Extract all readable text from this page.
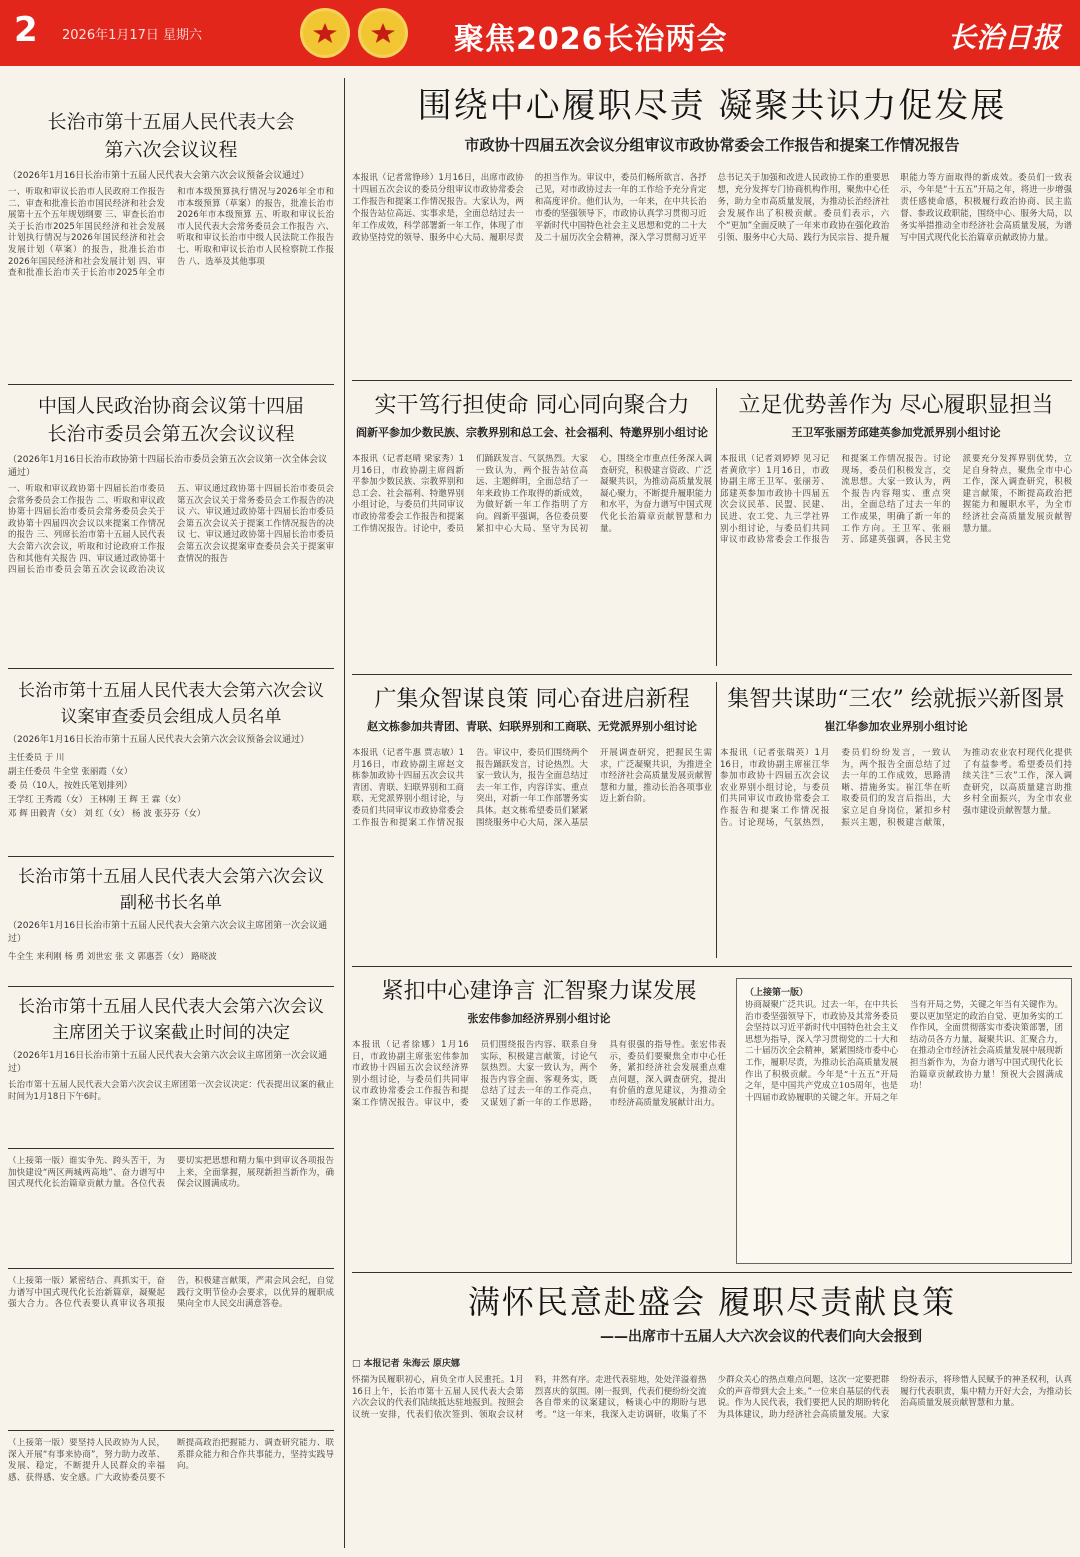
2 2026年1月17日 星期六	聚焦2026长治两会	长治日报
长治市第十五届人民代表大会
第六次会议议程
（2026年1月16日长治市第十五届人民代表大会第六次会议预备会议通过）
一、听取和审议长治市人民政府工作报告 二、审查和批准长治市国民经济和社会发展第十五个五年规划纲要 三、审查长治市关于长治市2025年国民经济和社会发展计划执行情况与2026年国民经济和社会发展计划（草案）的报告，批准长治市2026年国民经济和社会发展计划 四、审查和批准长治市关于长治市2025年全市和市本级预算执行情况与2026年全市和市本级预算（草案）的报告，批准长治市2026年市本级预算 五、听取和审议长治市人民代表大会常务委员会工作报告 六、听取和审议长治市中级人民法院工作报告 七、听取和审议长治市人民检察院工作报告 八、选举及其他事项
中国人民政治协商会议第十四届
长治市委员会第五次会议议程
（2026年1月16日长治市政协第十四届长治市委员会第五次会议第一次全体会议通过）
一、听取和审议政协第十四届长治市委员会常务委员会工作报告 二、听取和审议政协第十四届长治市委员会常务委员会关于政协第十四届四次会议以来提案工作情况的报告 三、列席长治市第十五届人民代表大会第六次会议，听取和讨论政府工作报告和其他有关报告 四、审议通过政协第十四届长治市委员会第五次会议政治决议 五、审议通过政协第十四届长治市委员会第五次会议关于常务委员会工作报告的决议 六、审议通过政协第十四届长治市委员会第五次会议关于提案工作情况报告的决议 七、审议通过政协第十四届长治市委员会第五次会议提案审查委员会关于提案审查情况的报告
长治市第十五届人民代表大会第六次会议
议案审查委员会组成人员名单
（2026年1月16日长治市第十五届人民代表大会第六次会议预备会议通过）
主任委员 于 川
副主任委员 牛全堂 张丽霞（女）
委 员（10人，按姓氏笔划排列）
王学红 王秀霞（女） 王林刚 王 辉 王 霖（女）
邓 辉 田毅青（女） 刘 红（女） 杨 波 张芬芬（女）
长治市第十五届人民代表大会第六次会议
副秘书长名单
（2026年1月16日长治市第十五届人民代表大会第六次会议主席团第一次会议通过）
牛全生 来利刚 杨 勇 刘世宏 张 文 郭惠荟（女） 路晓波
长治市第十五届人民代表大会第六次会议
主席团关于议案截止时间的决定
（2026年1月16日长治市第十五届人民代表大会第六次会议主席团第一次会议通过）
长治市第十五届人民代表大会第六次会议主席团第一次会议决定：代表提出议案的截止时间为1月18日下午6时。
（上接第一版）谁实争先、跨头苦干，为加快建设“两区两城两高地”、奋力谱写中国式现代化长治篇章贡献力量。各位代表要切实把思想和精力集中到审议各项报告上来，全面掌握，展现新担当新作为，确保会议圆满成功。
（上接第一版）紧密结合、真抓实干，奋力谱写中国式现代化长治新篇章，凝聚起强大合力。各位代表要认真审议各项报告，积极建言献策，严肃会风会纪，自觉践行文明节俭办会要求，以优异的履职成果向全市人民交出满意答卷。
（上接第一版）要坚持人民政协为人民，深入开展“有事来协商”，努力助力改革、发展、稳定，不断提升人民群众的幸福感、获得感、安全感。广大政协委员要不断提高政治把握能力、调查研究能力、联系群众能力和合作共事能力，坚持实践导向。
围绕中心履职尽责 凝聚共识力促发展
市政协十四届五次会议分组审议市政协常委会工作报告和提案工作情况报告
本报讯（记者常铮珍）1月16日，出席市政协十四届五次会议的委员分组审议市政协常委会工作报告和提案工作情况报告。大家认为，两个报告站位高远、实事求是，全面总结过去一年工作成效，科学部署新一年工作，体现了市政协坚持党的领导、服务中心大局、履职尽责的担当作为。审议中，委员们畅所欲言、各抒己见，对市政协过去一年的工作给予充分肯定和高度评价。他们认为，一年来，在中共长治市委的坚强领导下，市政协认真学习贯彻习近平新时代中国特色社会主义思想和党的二十大及二十届历次全会精神，深入学习贯彻习近平总书记关于加强和改进人民政协工作的重要思想，充分发挥专门协商机构作用，聚焦中心任务，助力全市高质量发展，为推动长治经济社会发展作出了积极贡献。委员们表示，六个“更加”全面反映了一年来市政协在强化政治引领、服务中心大局、践行为民宗旨、提升履职能力等方面取得的新成效。委员们一致表示，今年是“十五五”开局之年，将进一步增强责任感使命感，积极履行政治协商、民主监督、参政议政职能，围绕中心、服务大局，以务实举措推动全市经济社会高质量发展，为谱写中国式现代化长治篇章贡献政协力量。
实干笃行担使命 同心同向聚合力
阎新平参加少数民族、宗教界别和总工会、社会福利、特邀界别小组讨论
本报讯（记者赵晴 梁家秀）1月16日，市政协副主席阎新平参加少数民族、宗教界别和总工会、社会福利、特邀界别小组讨论，与委员们共同审议市政协常委会工作报告和提案工作情况报告。讨论中，委员们踊跃发言、气氛热烈。大家一致认为，两个报告站位高远、主题鲜明，全面总结了一年来政协工作取得的新成效，为做好新一年工作指明了方向。阎新平强调，各位委员要紧扣中心大局、坚守为民初心，围绕全市重点任务深入调查研究，积极建言资政、广泛凝聚共识，为推动高质量发展凝心聚力，不断提升履职能力和水平，为奋力谱写中国式现代化长治篇章贡献智慧和力量。
立足优势善作为 尽心履职显担当
王卫军张丽芳邱建英参加党派界别小组讨论
本报讯（记者刘婷婷 见习记者黄欣宇）1月16日，市政协副主席王卫军、张丽芳、邱建英参加市政协十四届五次会议民革、民盟、民建、民进、农工党、九三学社界别小组讨论，与委员们共同审议市政协常委会工作报告和提案工作情况报告。讨论现场，委员们积极发言，交流思想。大家一致认为，两个报告内容翔实、重点突出，全面总结了过去一年的工作成果，明确了新一年的工作方向。王卫军、张丽芳、邱建英强调，各民主党派要充分发挥界别优势，立足自身特点，聚焦全市中心工作，深入调查研究，积极建言献策，不断提高政治把握能力和履职水平，为全市经济社会高质量发展贡献智慧力量。
广集众智谋良策 同心奋进启新程
赵文栋参加共青团、青联、妇联界别和工商联、无党派界别小组讨论
本报讯（记者牛惠 贾志敏）1月16日，市政协副主席赵文栋参加政协十四届五次会议共青团、青联、妇联界别和工商联、无党派界别小组讨论，与委员们共同审议市政协常委会工作报告和提案工作情况报告。审议中，委员们围绕两个报告踊跃发言，讨论热烈。大家一致认为，报告全面总结过去一年工作，内容详实、重点突出，对新一年工作部署务实具体。赵文栋希望委员们紧紧围绕服务中心大局，深入基层开展调查研究，把握民生需求，广泛凝聚共识，为推进全市经济社会高质量发展贡献智慧和力量，推动长治各项事业迈上新台阶。
集智共谋助“三农” 绘就振兴新图景
崔江华参加农业界别小组讨论
本报讯（记者张瑞英）1月16日，市政协副主席崔江华参加市政协十四届五次会议农业界别小组讨论，与委员们共同审议市政协常委会工作报告和提案工作情况报告。讨论现场，气氛热烈，委员们纷纷发言，一致认为，两个报告全面总结了过去一年的工作成效，思路清晰、措施务实。崔江华在听取委员们的发言后指出，大家立足自身岗位，紧扣乡村振兴主题，积极建言献策，为推动农业农村现代化提供了有益参考。希望委员们持续关注“三农”工作，深入调查研究，以高质量建言助推乡村全面振兴，为全市农业强市建设贡献智慧力量。
紧扣中心建诤言 汇智聚力谋发展
张宏伟参加经济界别小组讨论
本报讯（记者徐娜）1月16日，市政协副主席张宏伟参加市政协十四届五次会议经济界别小组讨论，与委员们共同审议市政协常委会工作报告和提案工作情况报告。审议中，委员们围绕报告内容、联系自身实际，积极建言献策，讨论气氛热烈。大家一致认为，两个报告内容全面、客观务实，既总结了过去一年的工作亮点，又谋划了新一年的工作思路，具有很强的指导性。张宏伟表示，委员们要聚焦全市中心任务，紧扣经济社会发展重点难点问题，深入调查研究，提出有价值的意见建议，为推动全市经济高质量发展献计出力。
（上接第一版）
协商凝聚广泛共识。过去一年，在中共长治市委坚强领导下，市政协及其常务委员会坚持以习近平新时代中国特色社会主义思想为指导，深入学习贯彻党的二十大和二十届历次全会精神，紧紧围绕市委中心工作，履职尽责，为推动长治高质量发展作出了积极贡献。今年是“十五五”开局之年，是中国共产党成立105周年，也是十四届市政协履职的关键之年。开局之年当有开局之势，关键之年当有关键作为。要以更加坚定的政治自觉、更加务实的工作作风，全面贯彻落实市委决策部署，团结动员各方力量，凝聚共识、汇聚合力，在推动全市经济社会高质量发展中展现新担当新作为，为奋力谱写中国式现代化长治篇章贡献政协力量！预祝大会圆满成功！
满怀民意赴盛会 履职尽责献良策
——出席市十五届人大六次会议的代表们向大会报到
□ 本报记者 朱海云 原庆娜
怀揣为民履职初心，肩负全市人民重托。1月16日上午，长治市第十五届人民代表大会第六次会议的代表们陆续抵达驻地报到。按照会议统一安排，代表们依次签到、领取会议材料，井然有序。走进代表驻地，处处洋溢着热烈喜庆的氛围。刚一报到，代表们便纷纷交流各自带来的议案建议，畅谈心中的期盼与思考。“这一年来，我深入走访调研，收集了不少群众关心的热点难点问题，这次一定要把群众的声音带到大会上来。”一位来自基层的代表说。作为人民代表，我们要把人民的期盼转化为具体建议，助力经济社会高质量发展。大家纷纷表示，将珍惜人民赋予的神圣权利，认真履行代表职责，集中精力开好大会，为推动长治高质量发展贡献智慧和力量。
